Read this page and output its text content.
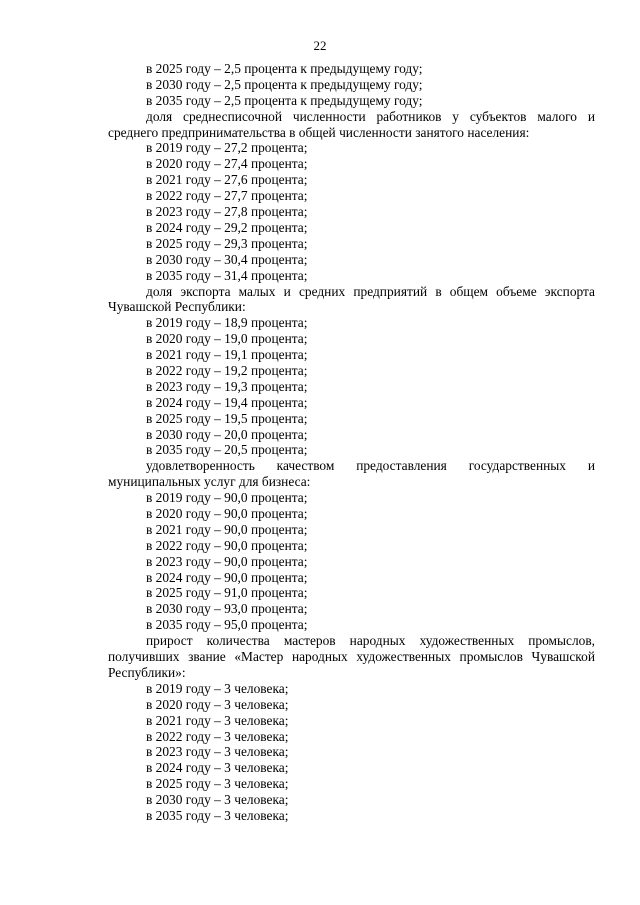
22
в 2025 году – 2,5 процента к предыдущему году;
в 2030 году – 2,5 процента к предыдущему году;
в 2035 году – 2,5 процента к предыдущему году;

доля среднесписочной численности работников у субъектов малого и среднего предпринимательства в общей численности занятого населения:

в 2019 году – 27,2 процента;
в 2020 году – 27,4 процента;
в 2021 году – 27,6 процента;
в 2022 году – 27,7 процента;
в 2023 году – 27,8 процента;
в 2024 году – 29,2 процента;
в 2025 году – 29,3 процента;
в 2030 году – 30,4 процента;
в 2035 году – 31,4 процента;

доля экспорта малых и средних предприятий в общем объеме экспорта Чувашской Республики:

в 2019 году – 18,9 процента;
в 2020 году – 19,0 процента;
в 2021 году – 19,1 процента;
в 2022 году – 19,2 процента;
в 2023 году – 19,3 процента;
в 2024 году – 19,4 процента;
в 2025 году – 19,5 процента;
в 2030 году – 20,0 процента;
в 2035 году – 20,5 процента;

удовлетворенность качеством предоставления государственных и муниципальных услуг для бизнеса:

в 2019 году – 90,0 процента;
в 2020 году – 90,0 процента;
в 2021 году – 90,0 процента;
в 2022 году – 90,0 процента;
в 2023 году – 90,0 процента;
в 2024 году – 90,0 процента;
в 2025 году – 91,0 процента;
в 2030 году – 93,0 процента;
в 2035 году – 95,0 процента;

прирост количества мастеров народных художественных промыслов, получивших звание «Мастер народных художественных промыслов Чувашской Республики»:

в 2019 году – 3 человека;
в 2020 году – 3 человека;
в 2021 году – 3 человека;
в 2022 году – 3 человека;
в 2023 году – 3 человека;
в 2024 году – 3 человека;
в 2025 году – 3 человека;
в 2030 году – 3 человека;
в 2035 году – 3 человека;
